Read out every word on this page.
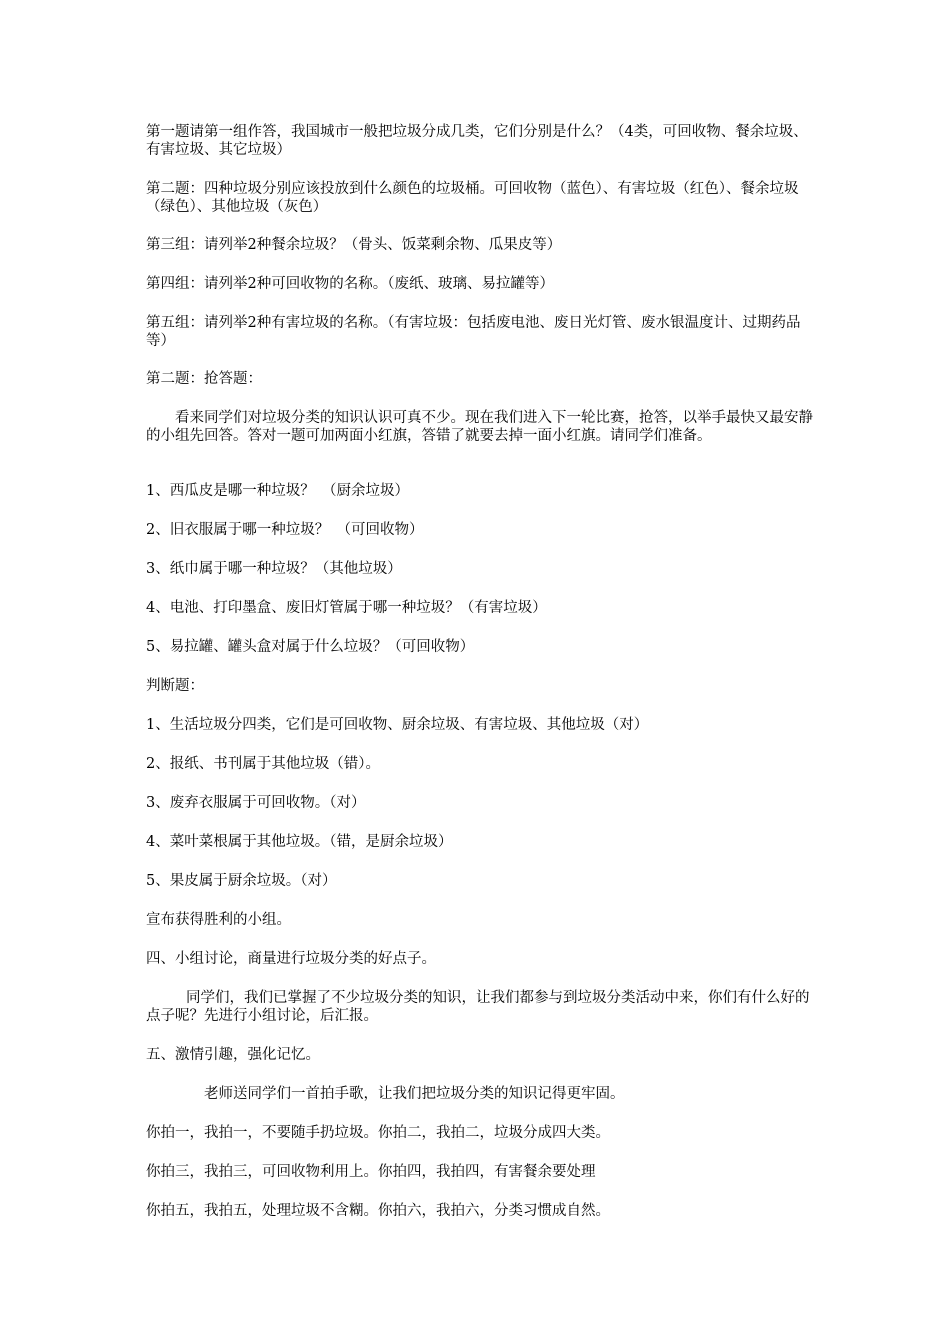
第一题请第一组作答，我国城市一般把垃圾分成几类，它们分别是什么？（4类，可回收物、餐余垃圾、有害垃圾、其它垃圾）

第二题：四种垃圾分别应该投放到什么颜色的垃圾桶。可回收物（蓝色）、有害垃圾（红色）、餐余垃圾（绿色）、其他垃圾（灰色）

第三组：请列举2种餐余垃圾？（骨头、饭菜剩余物、瓜果皮等）

第四组：请列举2种可回收物的名称。（废纸、玻璃、易拉罐等）

第五组：请列举2种有害垃圾的名称。（有害垃圾：包括废电池、废日光灯管、废水银温度计、过期药品等）

第二题：抢答题：

看来同学们对垃圾分类的知识认识可真不少。现在我们进入下一轮比赛，抢答，以举手最快又最安静的小组先回答。答对一题可加两面小红旗，答错了就要去掉一面小红旗。请同学们准备。

1、西瓜皮是哪一种垃圾？　（厨余垃圾）

2、旧衣服属于哪一种垃圾？　（可回收物）

3、纸巾属于哪一种垃圾？（其他垃圾）

4、电池、打印墨盒、废旧灯管属于哪一种垃圾？（有害垃圾）

5、易拉罐、罐头盒对属于什么垃圾？（可回收物）

判断题：

1、生活垃圾分四类，它们是可回收物、厨余垃圾、有害垃圾、其他垃圾（对）

2、报纸、书刊属于其他垃圾（错）。

3、废弃衣服属于可回收物。（对）

4、菜叶菜根属于其他垃圾。（错，是厨余垃圾）

5、果皮属于厨余垃圾。（对）

宣布获得胜利的小组。

四、小组讨论，商量进行垃圾分类的好点子。

同学们，我们已掌握了不少垃圾分类的知识，让我们都参与到垃圾分类活动中来，你们有什么好的点子呢？先进行小组讨论，后汇报。

五、激情引趣，强化记忆。

老师送同学们一首拍手歌，让我们把垃圾分类的知识记得更牢固。

你拍一，我拍一，不要随手扔垃圾。你拍二，我拍二，垃圾分成四大类。

你拍三，我拍三，可回收物利用上。你拍四，我拍四，有害餐余要处理

你拍五，我拍五，处理垃圾不含糊。你拍六，我拍六，分类习惯成自然。
